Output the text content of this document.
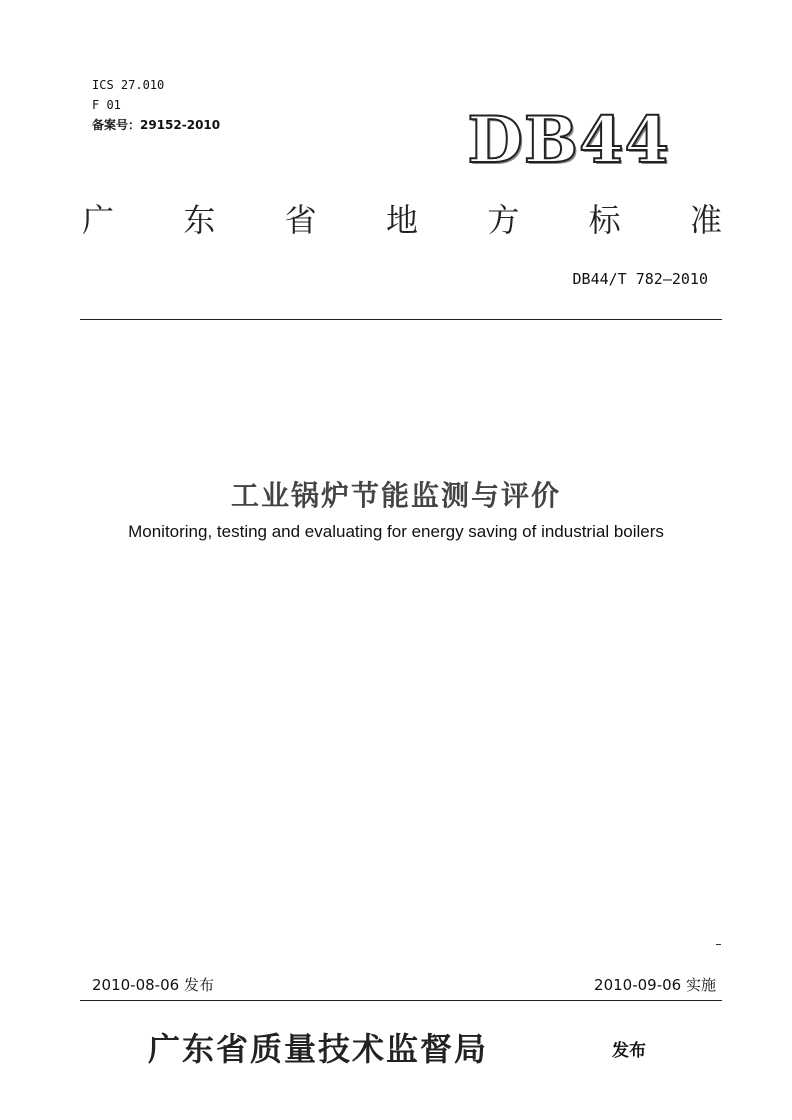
ICS 27.010
F 01
备案号：29152-2010	DB44
广 东 省 地 方 标 准
DB44/T 782—2010
工业锅炉节能监测与评价
Monitoring, testing and evaluating for energy saving of industrial boilers
2010-08-06 发布	2010-09-06 实施
广东省质量技术监督局	发布
